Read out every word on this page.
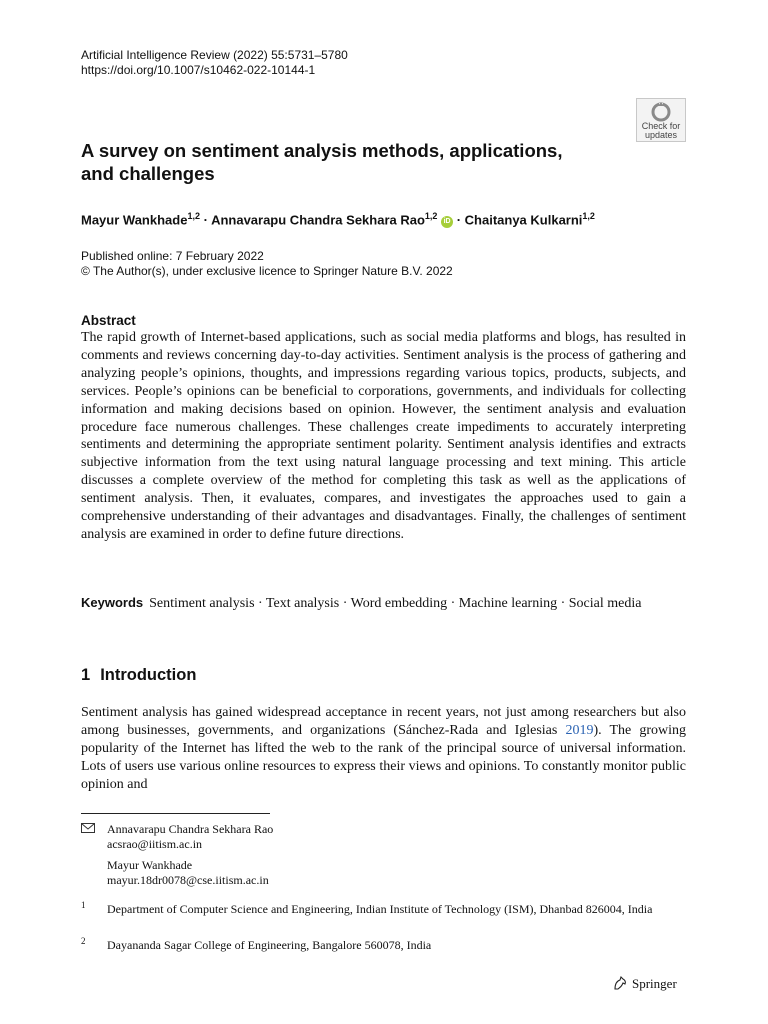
Artificial Intelligence Review (2022) 55:5731–5780
https://doi.org/10.1007/s10462-022-10144-1
Check for
updates
A survey on sentiment analysis methods, applications,
and challenges
Mayur Wankhade$^{1,2}$ · Annavarapu Chandra Sekhara Rao$^{1,2}$ iD · Chaitanya Kulkarni$^{1,2}$
Published online: 7 February 2022
© The Author(s), under exclusive licence to Springer Nature B.V. 2022
Abstract

The rapid growth of Internet-based applications, such as social media platforms and blogs, has resulted in comments and reviews concerning day-to-day activities. Sentiment analysis is the process of gathering and analyzing people’s opinions, thoughts, and impressions regarding various topics, products, subjects, and services. People’s opinions can be beneficial to corporations, governments, and individuals for collecting information and making decisions based on opinion. However, the sentiment analysis and evaluation procedure face numerous challenges. These challenges create impediments to accurately interpreting sentiments and determining the appropriate sentiment polarity. Sentiment analysis identifies and extracts subjective information from the text using natural language processing and text mining. This article discusses a complete overview of the method for completing this task as well as the applications of sentiment analysis. Then, it evaluates, compares, and investigates the approaches used to gain a comprehensive understanding of their advantages and disadvantages. Finally, the challenges of sentiment analysis are examined in order to define future directions.

Keywords Sentiment analysis · Text analysis · Word embedding · Machine learning · Social media
1 Introduction

Sentiment analysis has gained widespread acceptance in recent years, not just among researchers but also among businesses, governments, and organizations (Sánchez-Rada and Iglesias 2019). The growing popularity of the Internet has lifted the web to the rank of the principal source of universal information. Lots of users use various online resources to express their views and opinions. To constantly monitor public opinion and

Annavarapu Chandra Sekhara Rao
acsrao@iitism.ac.in
Mayur Wankhade
mayur.18dr0078@cse.iitism.ac.in
1 Department of Computer Science and Engineering, Indian Institute of Technology (ISM), Dhanbad 826004, India
2 Dayananda Sagar College of Engineering, Bangalore 560078, India
Springer
